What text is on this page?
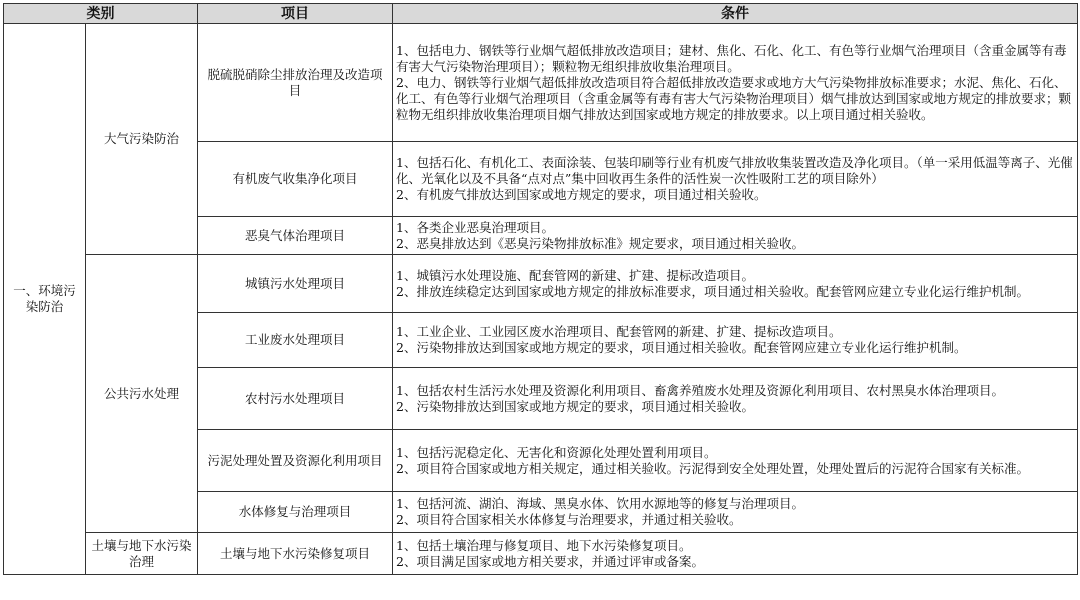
类别		项目	条件
一、环境污染防治	大气污染防治	脱硫脱硝除尘排放治理及改造项目	1、包括电力、钢铁等行业烟气超低排放改造项目；建材、焦化、石化、化工、有色等行业烟气治理项目（含重金属等有毒有害大气污染物治理项目）；颗粒物无组织排放收集治理项目。
2、电力、钢铁等行业烟气超低排放改造项目符合超低排放改造要求或地方大气污染物排放标准要求；水泥、焦化、石化、化工、有色等行业烟气治理项目（含重金属等有毒有害大气污染物治理项目）烟气排放达到国家或地方规定的排放要求；颗粒物无组织排放收集治理项目烟气排放达到国家或地方规定的排放要求。以上项目通过相关验收。

		有机废气收集净化项目	1、包括石化、有机化工、表面涂装、包装印刷等行业有机废气排放收集装置改造及净化项目。（单一采用低温等离子、光催化、光氧化以及不具备“点对点”集中回收再生条件的活性炭一次性吸附工艺的项目除外）
2、有机废气排放达到国家或地方规定的要求，项目通过相关验收。

		恶臭气体治理项目	1、各类企业恶臭治理项目。
2、恶臭排放达到《恶臭污染物排放标准》规定要求，项目通过相关验收。

	公共污水处理	城镇污水处理项目	1、城镇污水处理设施、配套管网的新建、扩建、提标改造项目。
2、排放连续稳定达到国家或地方规定的排放标准要求，项目通过相关验收。配套管网应建立专业化运行维护机制。

		工业废水处理项目	1、工业企业、工业园区废水治理项目、配套管网的新建、扩建、提标改造项目。
2、污染物排放达到国家或地方规定的要求，项目通过相关验收。配套管网应建立专业化运行维护机制。

		农村污水处理项目	1、包括农村生活污水处理及资源化利用项目、畜禽养殖废水处理及资源化利用项目、农村黑臭水体治理项目。
2、污染物排放达到国家或地方规定的要求，项目通过相关验收。

		污泥处理处置及资源化利用项目	1、包括污泥稳定化、无害化和资源化处理处置利用项目。
2、项目符合国家或地方相关规定，通过相关验收。污泥得到安全处理处置，处理处置后的污泥符合国家有关标准。

		水体修复与治理项目	1、包括河流、湖泊、海域、黑臭水体、饮用水源地等的修复与治理项目。
2、项目符合国家相关水体修复与治理要求，并通过相关验收。

	土壤与地下水污染治理	土壤与地下水污染修复项目	1、包括土壤治理与修复项目、地下水污染修复项目。
2、项目满足国家或地方相关要求，并通过评审或备案。
